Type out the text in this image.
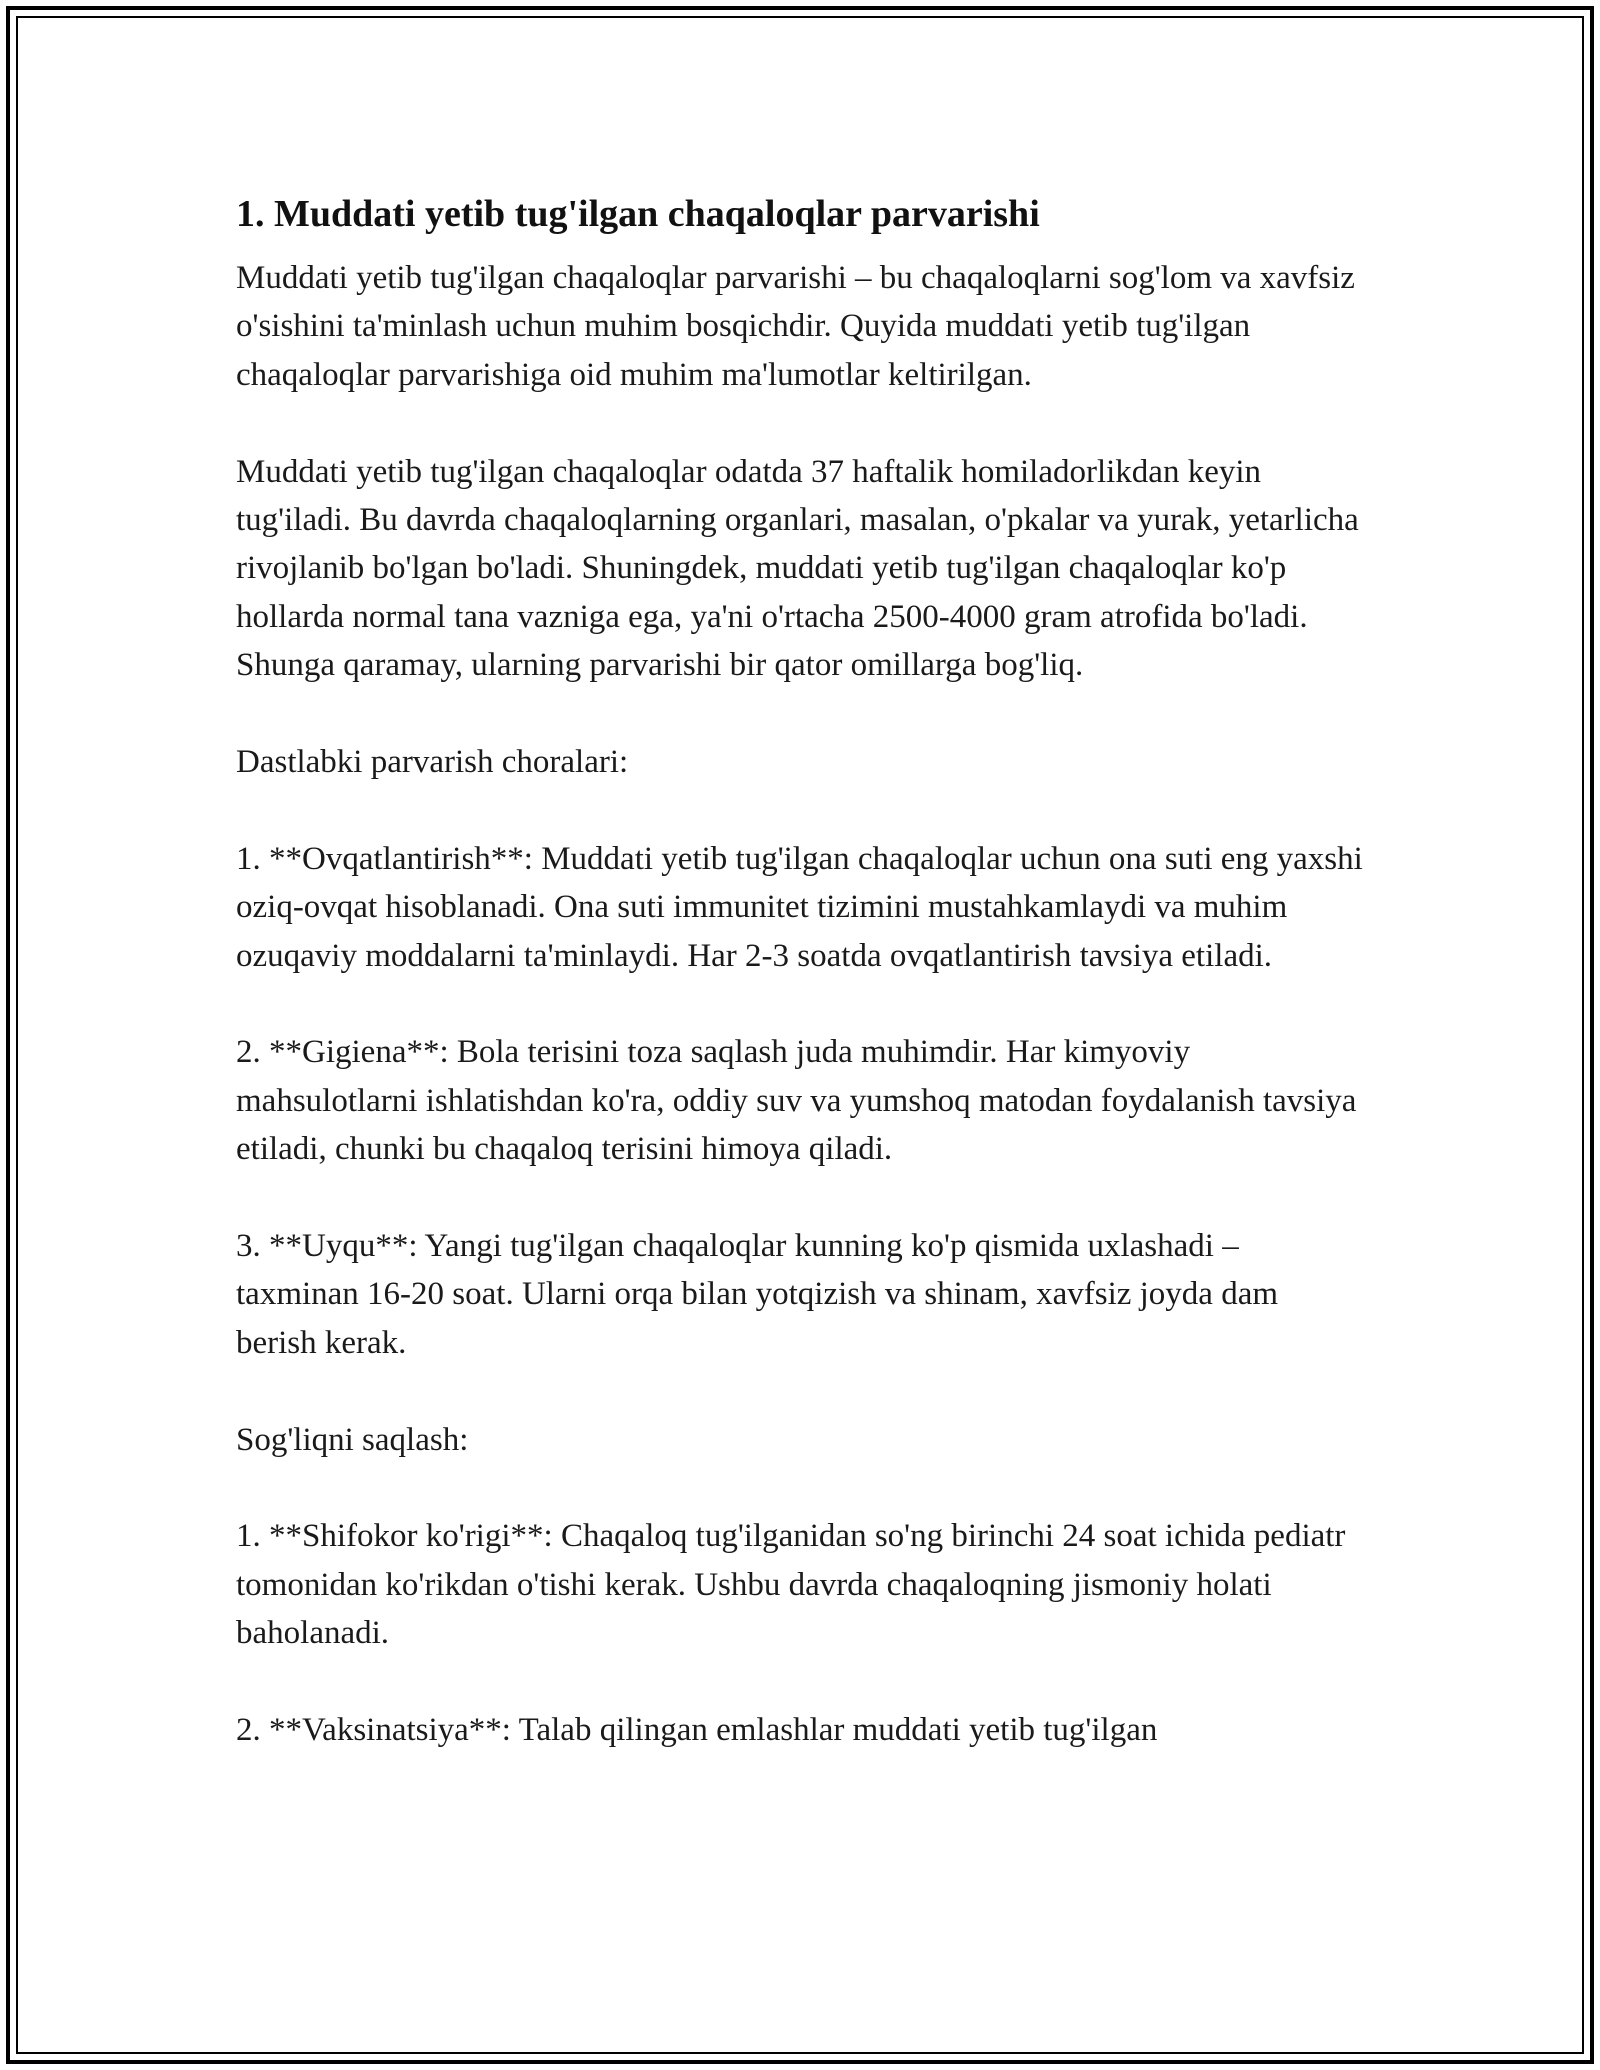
1. Muddati yetib tug'ilgan chaqaloqlar parvarishi

Muddati yetib tug'ilgan chaqaloqlar parvarishi – bu chaqaloqlarni sog'lom va xavfsiz o'sishini ta'minlash uchun muhim bosqichdir. Quyida muddati yetib tug'ilgan chaqaloqlar parvarishiga oid muhim ma'lumotlar keltirilgan.

Muddati yetib tug'ilgan chaqaloqlar odatda 37 haftalik homiladorlikdan keyin tug'iladi. Bu davrda chaqaloqlarning organlari, masalan, o'pkalar va yurak, yetarlicha rivojlanib bo'lgan bo'ladi. Shuningdek, muddati yetib tug'ilgan chaqaloqlar ko'p hollarda normal tana vazniga ega, ya'ni o'rtacha 2500-4000 gram atrofida bo'ladi. Shunga qaramay, ularning parvarishi bir qator omillarga bog'liq.

Dastlabki parvarish choralari:

1. **Ovqatlantirish**: Muddati yetib tug'ilgan chaqaloqlar uchun ona suti eng yaxshi oziq-ovqat hisoblanadi. Ona suti immunitet tizimini mustahkamlaydi va muhim ozuqaviy moddalarni ta'minlaydi. Har 2-3 soatda ovqatlantirish tavsiya etiladi.

2. **Gigiena**: Bola terisini toza saqlash juda muhimdir. Har kimyoviy mahsulotlarni ishlatishdan ko'ra, oddiy suv va yumshoq matodan foydalanish tavsiya etiladi, chunki bu chaqaloq terisini himoya qiladi.

3. **Uyqu**: Yangi tug'ilgan chaqaloqlar kunning ko'p qismida uxlashadi – taxminan 16-20 soat. Ularni orqa bilan yotqizish va shinam, xavfsiz joyda dam berish kerak.

Sog'liqni saqlash:

1. **Shifokor ko'rigi**: Chaqaloq tug'ilganidan so'ng birinchi 24 soat ichida pediatr tomonidan ko'rikdan o'tishi kerak. Ushbu davrda chaqaloqning jismoniy holati baholanadi.

2. **Vaksinatsiya**: Talab qilingan emlashlar muddati yetib tug'ilgan
